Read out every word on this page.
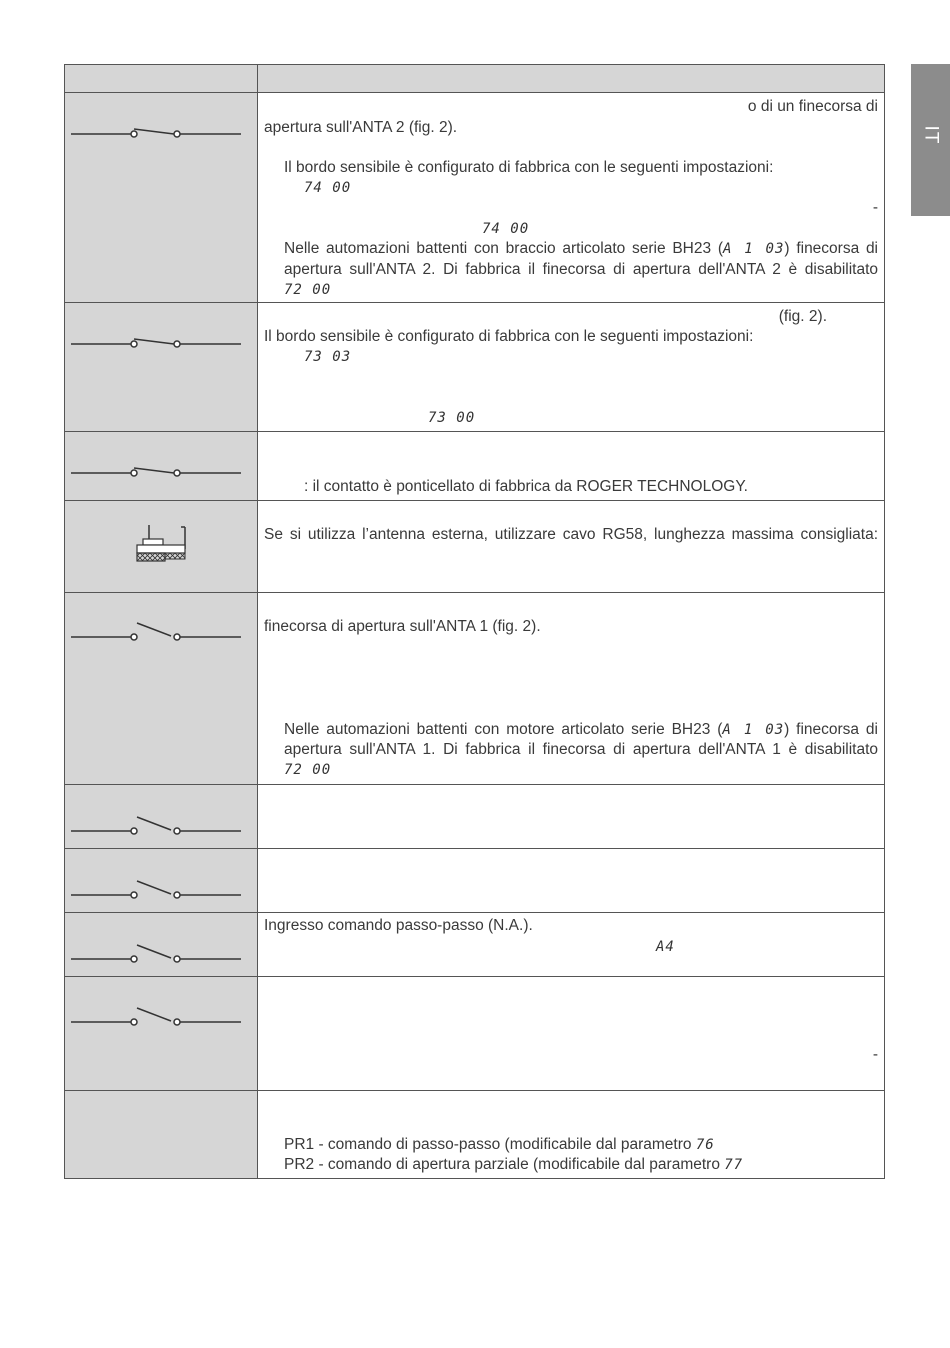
IT
o di un finecorsa di
apertura sull'ANTA 2 (fig. 2).
Il bordo sensibile è configurato di fabbrica con le seguenti impostazioni:
74 00
-
74 00
Nelle automazioni battenti con braccio articolato serie BH23 (A 1 03) finecorsa di
apertura sull'ANTA 2. Di fabbrica il finecorsa di apertura dell'ANTA 2 è disabilitato
72 00
(fig. 2).
Il bordo sensibile è configurato di fabbrica con le seguenti impostazioni:
73 03
73 00
: il contatto è ponticellato di fabbrica da ROGER TECHNOLOGY.
Se si utilizza l’antenna esterna, utilizzare cavo RG58, lunghezza massima consigliata:
finecorsa di apertura sull'ANTA 1 (fig. 2).
Nelle automazioni battenti con motore articolato serie BH23 (A 1 03) finecorsa di
apertura sull'ANTA 1. Di fabbrica il finecorsa di apertura dell'ANTA 1 è disabilitato
72 00
Ingresso comando passo-passo (N.A.).
A4
-
PR1 - comando di passo-passo (modificabile dal parametro 76
PR2 - comando di apertura parziale (modificabile dal parametro 77
